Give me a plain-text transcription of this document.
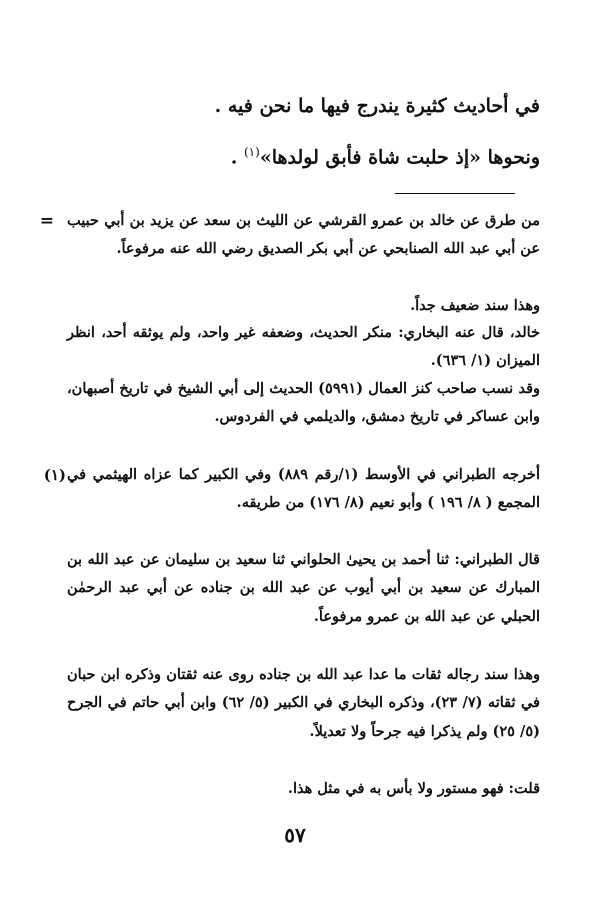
في أحاديث كثيرة يندرج فيها ما نحن فيه .
ونحوها «إذ حلبت شاة فأبق لولدها»$^{(١)}$ .
= من طرق عن خالد بن عمرو القرشي عن الليث بن سعد عن يزيد بن أبي حبيب عن أبي عبد الله الصنابحي عن أبي بكر الصديق رضي الله عنه مرفوعاً.
وهذا سند ضعيف جداً.
خالد، قال عنه البخاري: منكر الحديث، وضعفه غير واحد، ولم يوثقه أحد، انظر الميزان (١/ ٦٣٦).
وقد نسب صاحب كنز العمال (٥٩٩١) الحديث إلى أبي الشيخ في تاريخ أصبهان، وابن عساكر في تاريخ دمشق، والديلمي في الفردوس.
(١) أخرجه الطبراني في الأوسط (١/رقم ٨٨٩) وفي الكبير كما عزاه الهيثمي في المجمع ( ٨/ ١٩٦ ) وأبو نعيم (٨/ ١٧٦) من طريقه.
قال الطبراني: ثنا أحمد بن يحيىٰ الحلواني ثنا سعيد بن سليمان عن عبد الله بن المبارك عن سعيد بن أبي أيوب عن عبد الله بن جناده عن أبي عبد الرحمٰن الحبلي عن عبد الله بن عمرو مرفوعاً.
وهذا سند رجاله ثقات ما عدا عبد الله بن جناده روى عنه ثقتان وذكره ابن حبان في ثقاته (٧/ ٢٣)، وذكره البخاري في الكبير (٥/ ٦٢) وابن أبي حاتم في الجرح (٥/ ٢٥) ولم يذكرا فيه جرحاً ولا تعديلاً.
قلت: فهو مستور ولا بأس به في مثل هذا.
٥٧
